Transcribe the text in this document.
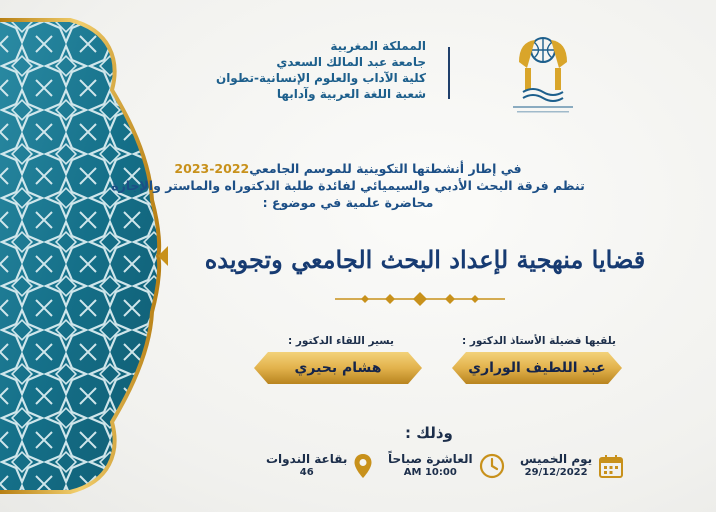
المملكة المغربية
جامعة عبد المالك السعدي
كلية الآداب والعلوم الإنسانية-تطوان
شعبة اللغة العربية وآدابها
في إطار أنشطتها التكوينية للموسم الجامعي2022-2023
تنظم فرقة البحث الأدبي والسيميائي لفائدة طلبة الدكتوراه والماستر والإجازة
محاضرة علمية في موضوع :
قضايا منهجية لإعداد البحث الجامعي وتجويده
يلقيها فضيلة الأستاذ الدكتور :
عبد اللطيف الوراري
يسير اللقاء الدكتور :
هشام بحيري
وذلك :
يوم الخميس
29/12/2022
العاشرة صباحاً
10:00 AM
بقاعة الندوات
46
